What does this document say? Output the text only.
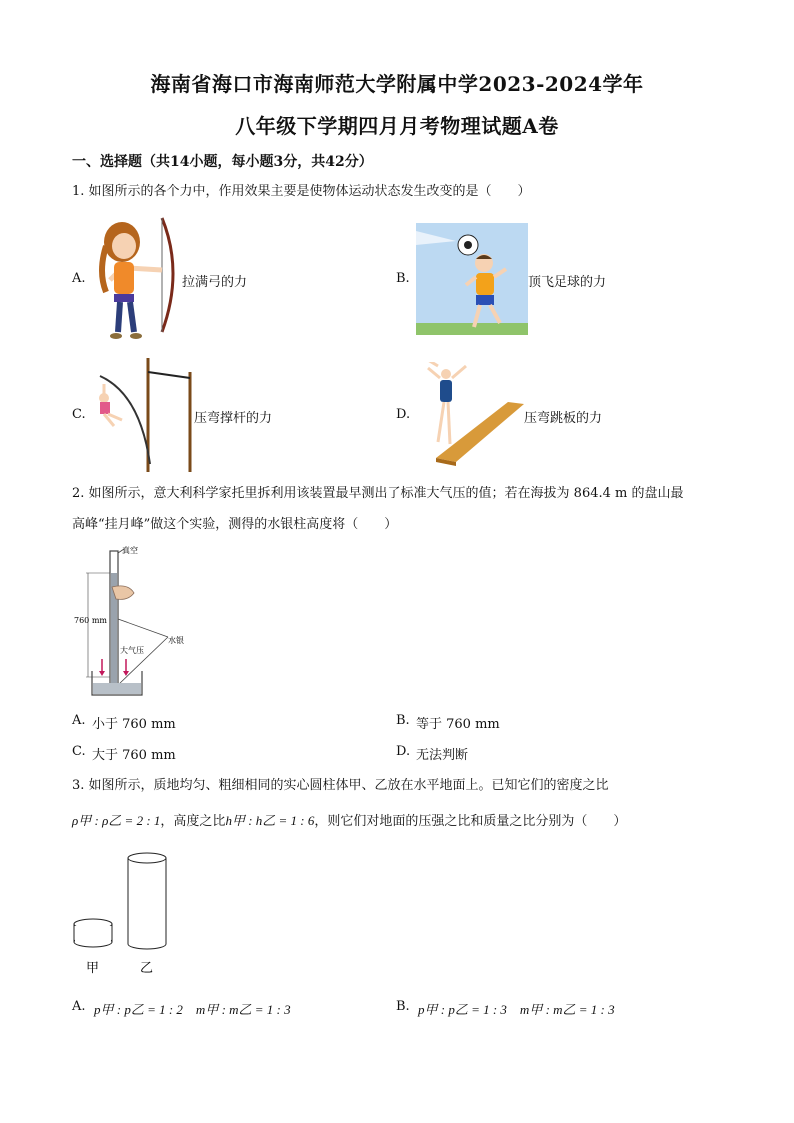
海南省海口市海南师范大学附属中学2023-2024学年
八年级下学期四月月考物理试题A卷
一、选择题（共14小题，每小题3分，共42分）
1. 如图所示的各个力中，作用效果主要是使物体运动状态发生改变的是（　　）
A.	拉满弓的力	B.	顶飞足球的力
C.	压弯撑杆的力	D.	压弯跳板的力
2. 如图所示，意大利科学家托里拆利用该装置最早测出了标准大气压的值；若在海拔为 864.4 m 的盘山最
高峰“挂月峰”做这个实验，测得的水银柱高度将（　　）
真空
760 mm
水银
大气压
A. 小于 760 mm	B. 等于 760 mm
C. 大于 760 mm	D. 无法判断
3. 如图所示，质地均匀、粗细相同的实心圆柱体甲、乙放在水平地面上。已知它们的密度之比
ρ甲 : ρ乙 = 2 : 1，高度之比h甲 : h乙 = 1 : 6，则它们对地面的压强之比和质量之比分别为（　　）
甲	乙
A. p甲 : p乙 = 1 : 2　m甲 : m乙 = 1 : 3	B. p甲 : p乙 = 1 : 3　m甲 : m乙 = 1 : 3
